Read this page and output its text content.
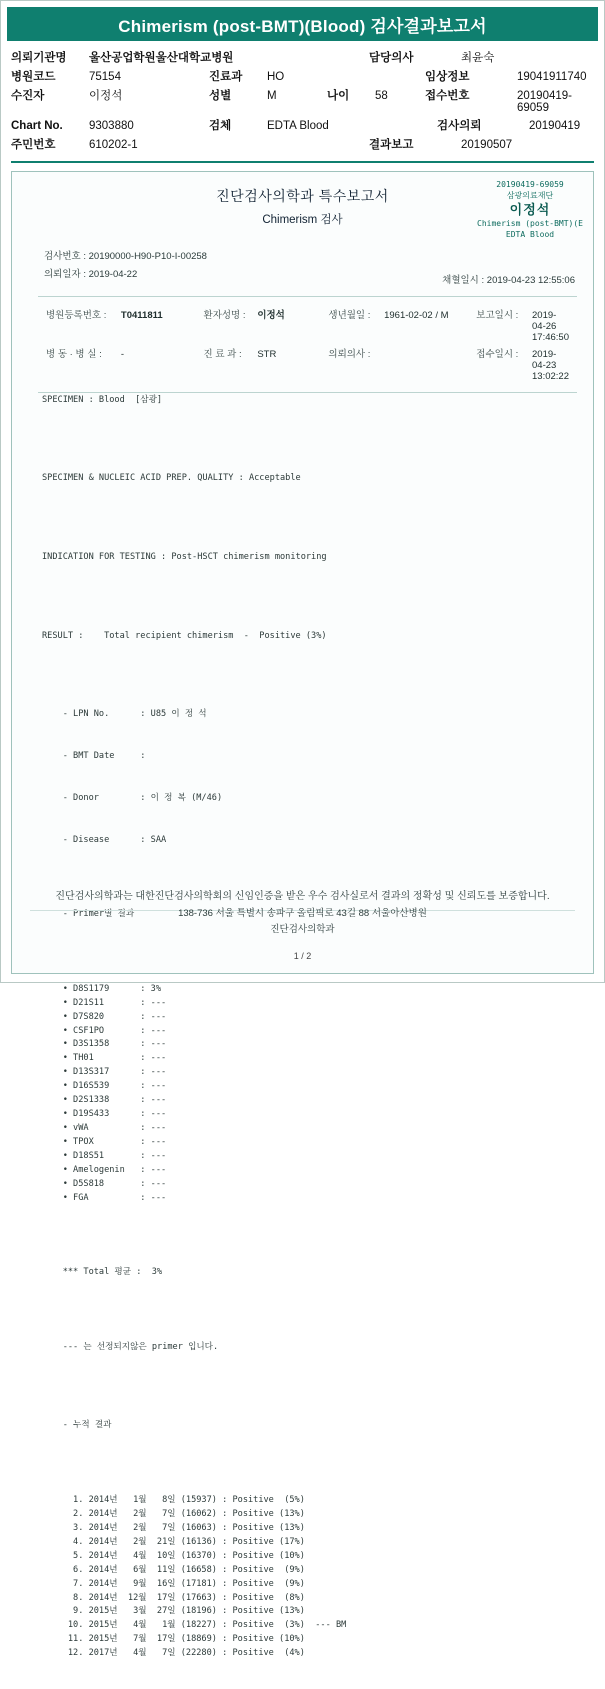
Chimerism (post-BMT)(Blood) 검사결과보고서
의뢰기관명	울산공업학원울산대학교병원	담당의사	최윤숙
병원코드	75154	진료과	HO	임상정보	19041911740
수진자	이정석	성별	M	나이	58	접수번호	20190419-69059
Chart No.	9303880	검체	EDTA Blood	검사의뢰	20190419
주민번호	610202-1	결과보고	20190507
20190419-69059
삼광의료재단
이정석
Chimerism (post-BMT)(E
EDTA Blood
진단검사의학과 특수보고서
Chimerism 검사
검사번호 : 20190000-H90-P10-I-00258
의뢰일자 : 2019-04-22
채혈일시 : 2019-04-23 12:55:06
병원등록번호 :	T0411811	환자성명 :	이정석	생년월일 :	1961-02-02 / M	보고일시 :	2019-04-26 17:46:50
병 동 · 병 실 :	-	진 료 과 :	STR	의뢰의사 :	접수일시 :	2019-04-23 13:02:22

SPECIMEN : Blood  [삼광]

SPECIMEN & NUCLEIC ACID PREP. QUALITY : Acceptable

INDICATION FOR TESTING : Post-HSCT chimerism monitoring

RESULT :    Total recipient chimerism  -  Positive (3%)

- LPN No.      : U85 이 정 석

- BMT Date     :

- Donor        : 이 정 복 (M/46)

- Disease      : SAA

- Primer별 결과

• D8S1179      : 3%
• D21S11       : ---
• D7S820       : ---
• CSF1PO       : ---
• D3S1358      : ---
• TH01         : ---
• D13S317      : ---
• D16S539      : ---
• D2S1338      : ---
• D19S433      : ---
• vWA          : ---
• TPOX         : ---
• D18S51       : ---
• Amelogenin   : ---
• D5S818       : ---
• FGA          : ---

*** Total 평균 :  3%

--- 는 선정되지않은 primer 입니다.

- 누적 결과

1. 2014년   1월   8일 (15937) : Positive  (5%)
2. 2014년   2월   7일 (16062) : Positive (13%)
3. 2014년   2월   7일 (16063) : Positive (13%)
4. 2014년   2월  21일 (16136) : Positive (17%)
5. 2014년   4월  10일 (16370) : Positive (10%)
6. 2014년   6월  11일 (16658) : Positive  (9%)
7. 2014년   9월  16일 (17181) : Positive  (9%)
8. 2014년  12월  17일 (17663) : Positive  (8%)
9. 2015년   3월  27일 (18196) : Positive (13%)
10. 2015년   4월   1월 (18227) : Positive  (3%)  --- BM
11. 2015년   7월  17일 (18869) : Positive (10%)
12. 2017년   4월   7일 (22280) : Positive  (4%)

진단검사의학과는 대한진단검사의학회의 신임인증을 받은 우수 검사실로서 결과의 정확성 및 신뢰도를 보증합니다.
138-736 서울 특별시 송파구 올림픽로 43길 88 서울아산병원
진단검사의학과
1 / 2
